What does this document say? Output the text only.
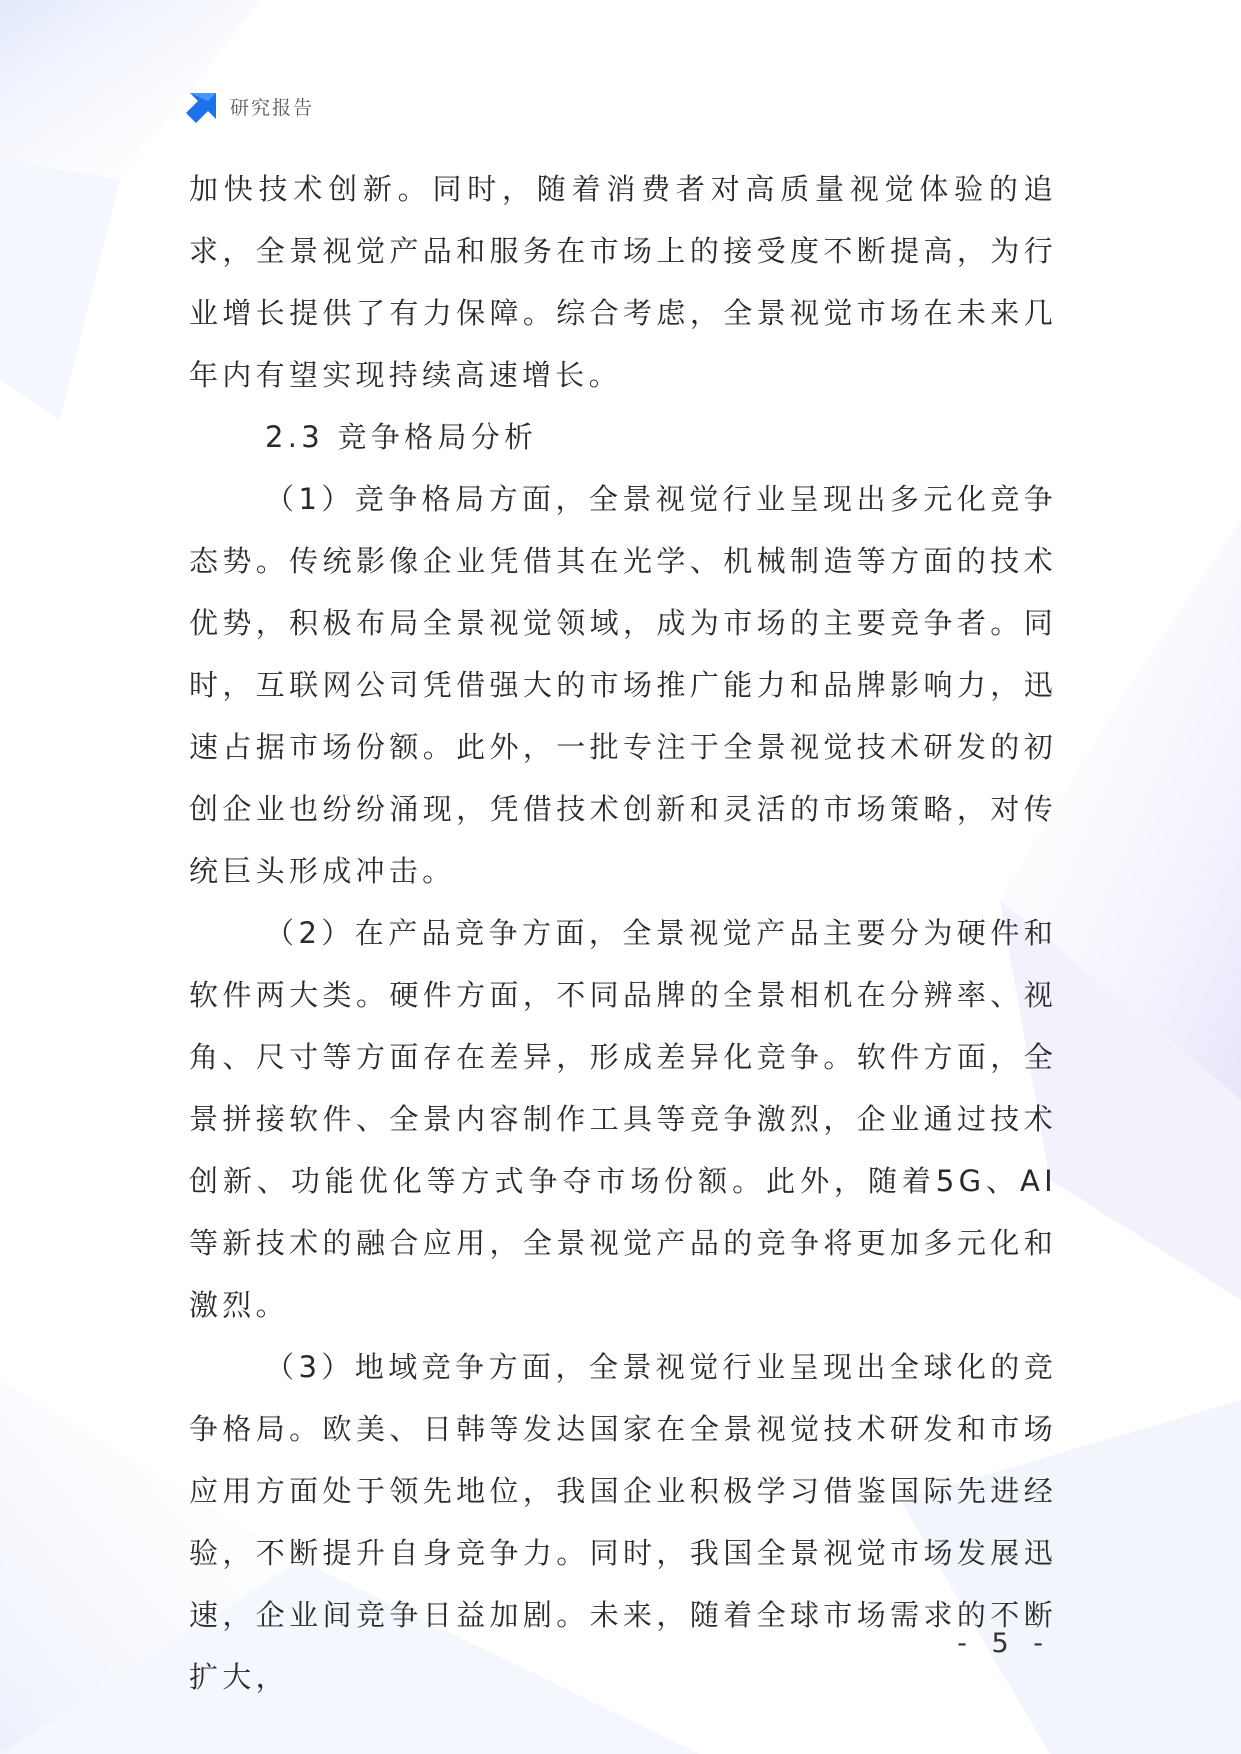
研究报告

加快技术创新。同时，随着消费者对高质量视觉体验的追求，全景视觉产品和服务在市场上的接受度不断提高，为行业增长提供了有力保障。综合考虑，全景视觉市场在未来几年内有望实现持续高速增长。

2.3 竞争格局分析

（1）竞争格局方面，全景视觉行业呈现出多元化竞争态势。传统影像企业凭借其在光学、机械制造等方面的技术优势，积极布局全景视觉领域，成为市场的主要竞争者。同时，互联网公司凭借强大的市场推广能力和品牌影响力，迅速占据市场份额。此外，一批专注于全景视觉技术研发的初创企业也纷纷涌现，凭借技术创新和灵活的市场策略，对传统巨头形成冲击。

（2）在产品竞争方面，全景视觉产品主要分为硬件和软件两大类。硬件方面，不同品牌的全景相机在分辨率、视角、尺寸等方面存在差异，形成差异化竞争。软件方面，全景拼接软件、全景内容制作工具等竞争激烈，企业通过技术创新、功能优化等方式争夺市场份额。此外，随着5G、AI等新技术的融合应用，全景视觉产品的竞争将更加多元化和激烈。

（3）地域竞争方面，全景视觉行业呈现出全球化的竞争格局。欧美、日韩等发达国家在全景视觉技术研发和市场应用方面处于领先地位，我国企业积极学习借鉴国际先进经验，不断提升自身竞争力。同时，我国全景视觉市场发展迅速，企业间竞争日益加剧。未来，随着全球市场需求的不断扩大，

- 5 -
